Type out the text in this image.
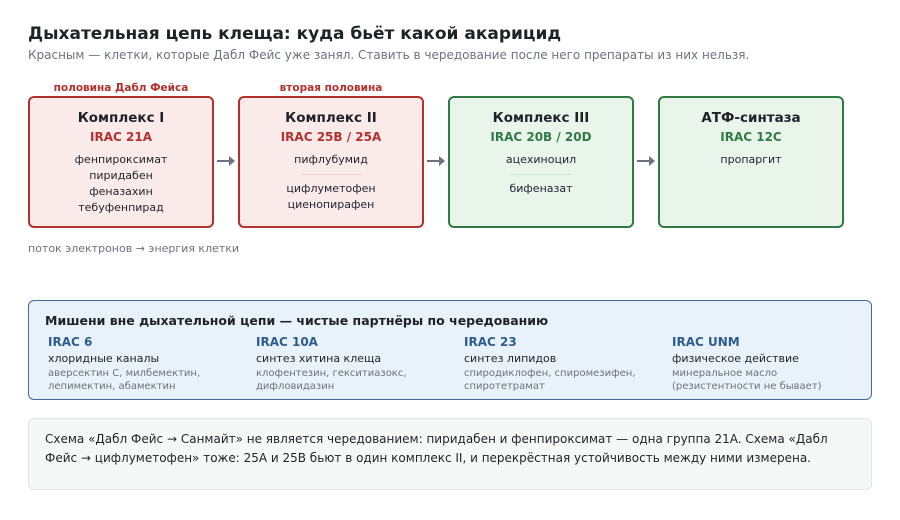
Дыхательная цепь клеща: куда бьёт какой акарицид
Красным — клетки, которые Дабл Фейс уже занял. Ставить в чередование после него препараты из них нельзя.
половина Дабл Фейса	вторая половина
Комплекс I
IRAC 21A
фенпироксимат
пиридабен
феназахин
тебуфенпирад
Комплекс II
IRAC 25B / 25A
пифлубумид
цифлуметофен
циенопирафен
Комплекс III
IRAC 20B / 20D
ацехиноцил
бифеназат
АТФ-синтаза
IRAC 12C
пропаргит
поток электронов → энергия клетки
Мишени вне дыхательной цепи — чистые партнёры по чередованию
IRAC 6
хлоридные каналы
аверсектин С, милбемектин,
лепимектин, абамектин
IRAC 10A
синтез хитина клеща
клофентезин, гекситиазокс,
дифловидазин
IRAC 23
синтез липидов
спиродиклофен, спиромезифен,
спиротетрамат
IRAC UNM
физическое действие
минеральное масло
(резистентности не бывает)
Схема «Дабл Фейс → Санмайт» не является чередованием: пиридабен и фенпироксимат — одна группа 21A. Схема «Дабл Фейс → цифлуметофен» тоже: 25A и 25B бьют в один комплекс II, и перекрёстная устойчивость между ними измерена.
